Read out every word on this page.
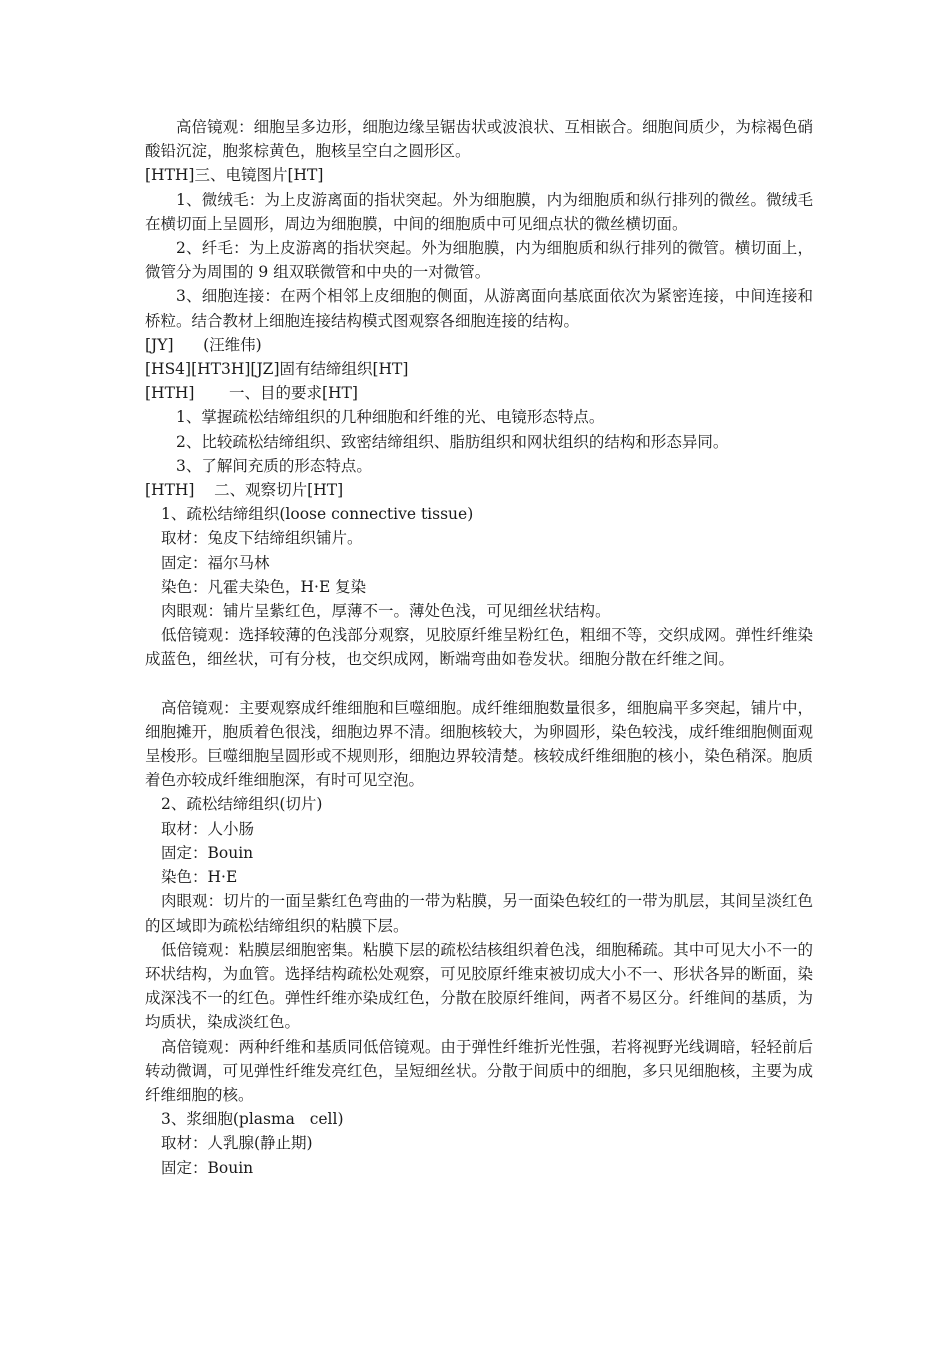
高倍镜观：细胞呈多边形，细胞边缘呈锯齿状或波浪状、互相嵌合。细胞间质少，为棕褐色硝酸铅沉淀，胞浆棕黄色，胞核呈空白之圆形区。

[HTH]三、电镜图片[HT]

1、微绒毛：为上皮游离面的指状突起。外为细胞膜，内为细胞质和纵行排列的微丝。微绒毛在横切面上呈圆形，周边为细胞膜，中间的细胞质中可见细点状的微丝横切面。

2、纤毛：为上皮游离的指状突起。外为细胞膜，内为细胞质和纵行排列的微管。横切面上，微管分为周围的 9 组双联微管和中央的一对微管。

3、细胞连接：在两个相邻上皮细胞的侧面，从游离面向基底面依次为紧密连接，中间连接和桥粒。结合教材上细胞连接结构模式图观察各细胞连接的结构。

[JY]      (汪维伟)

[HS4][HT3H][JZ]固有结缔组织[HT]

[HTH]       一、目的要求[HT]

1、掌握疏松结缔组织的几种细胞和纤维的光、电镜形态特点。

2、比较疏松结缔组织、致密结缔组织、脂肪组织和网状组织的结构和形态异同。

3、了解间充质的形态特点。

[HTH]    二、观察切片[HT]

1、疏松结缔组织(loose connective tissue)

取材：兔皮下结缔组织铺片。

固定：福尔马林

染色：凡霍夫染色，H·E 复染

肉眼观：铺片呈紫红色，厚薄不一。薄处色浅，可见细丝状结构。

低倍镜观：选择较薄的色浅部分观察，见胶原纤维呈粉红色，粗细不等，交织成网。弹性纤维染成蓝色，细丝状，可有分枝，也交织成网，断端弯曲如卷发状。细胞分散在纤维之间。

高倍镜观：主要观察成纤维细胞和巨噬细胞。成纤维细胞数量很多，细胞扁平多突起，铺片中，细胞摊开，胞质着色很浅，细胞边界不清。细胞核较大，为卵圆形，染色较浅，成纤维细胞侧面观呈梭形。巨噬细胞呈圆形或不规则形，细胞边界较清楚。核较成纤维细胞的核小，染色稍深。胞质着色亦较成纤维细胞深，有时可见空泡。

2、疏松结缔组织(切片)

取材：人小肠

固定：Bouin

染色：H·E

肉眼观：切片的一面呈紫红色弯曲的一带为粘膜，另一面染色较红的一带为肌层，其间呈淡红色的区域即为疏松结缔组织的粘膜下层。

低倍镜观：粘膜层细胞密集。粘膜下层的疏松结核组织着色浅，细胞稀疏。其中可见大小不一的环状结构，为血管。选择结构疏松处观察，可见胶原纤维束被切成大小不一、形状各异的断面，染成深浅不一的红色。弹性纤维亦染成红色，分散在胶原纤维间，两者不易区分。纤维间的基质，为均质状，染成淡红色。

高倍镜观：两种纤维和基质同低倍镜观。由于弹性纤维折光性强，若将视野光线调暗，轻轻前后转动微调，可见弹性纤维发亮红色，呈短细丝状。分散于间质中的细胞，多只见细胞核，主要为成纤维细胞的核。

3、浆细胞(plasma   cell)

取材：人乳腺(静止期)

固定：Bouin
